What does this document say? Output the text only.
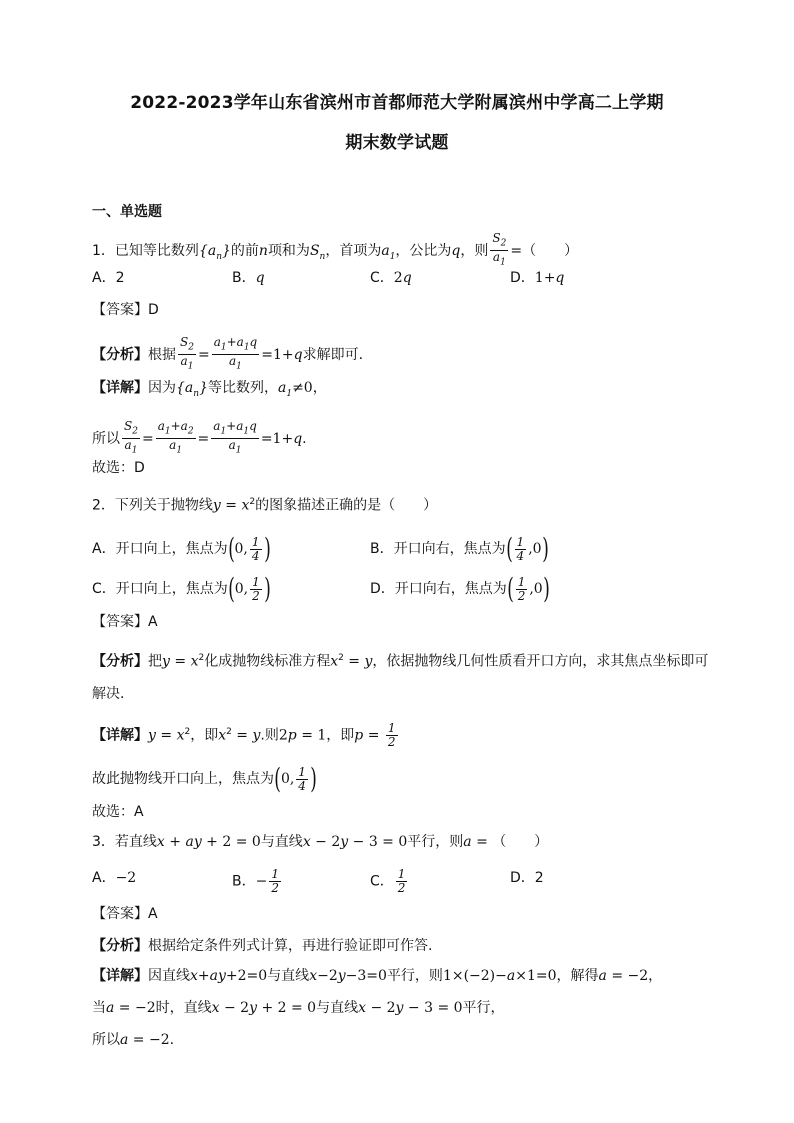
2022-2023学年山东省滨州市首都师范大学附属滨州中学高二上学期
期末数学试题
一、单选题
1．已知等比数列$\{a_n\}$的前n项和为$S_n$，首项为$a_1$，公比为q，则 $\frac{S_2}{a_1}$ =（　　）
A．2	B．q	C．2q	D．1+q
【答案】D
【分析】根据 $\frac{S_2}{a_1} = \frac{a_1+a_1q}{a_1} =1+q$求解即可.
【详解】因为$\{a_n\}$等比数列，$a_1\ne 0$，
所以 $\frac{S_2}{a_1} = \frac{a_1+a_2}{a_1} = \frac{a_1+a_1q}{a_1} =1+q$.
故选：D
2．下列关于抛物线$y = x^2$的图象描述正确的是（　　）
A．开口向上，焦点为(0, $\frac{1}{4}$ )	B．开口向右，焦点为( $\frac{1}{4} ,0$)
C．开口向上，焦点为(0, $\frac{1}{2}$ )	D．开口向右，焦点为( $\frac{1}{2} ,0$)
【答案】A
【分析】把$y = x^2$化成抛物线标准方程$x^2 = y$，依据抛物线几何性质看开口方向，求其焦点坐标即可
解决.
【详解】$y = x^2$，即$x^2 = y$.则2p = 1，即$p = \frac{1}{2}$
故此抛物线开口向上，焦点为(0, $\frac{1}{4}$ )
故选：A
3．若直线x + ay + 2 = 0与直线x − 2y − 3 = 0平行，则a = （　　）
A．−2	B．− $\frac{1}{2}$	C． $\frac{1}{2}$	D．2
【答案】A
【分析】根据给定条件列式计算，再进行验证即可作答.
【详解】因直线x+ay+2=0与直线x−2y−3=0平行，则1×(−2)−a×1=0，解得a = −2，
当a = −2时，直线x − 2y + 2 = 0与直线x − 2y − 3 = 0平行，
所以a = −2.
